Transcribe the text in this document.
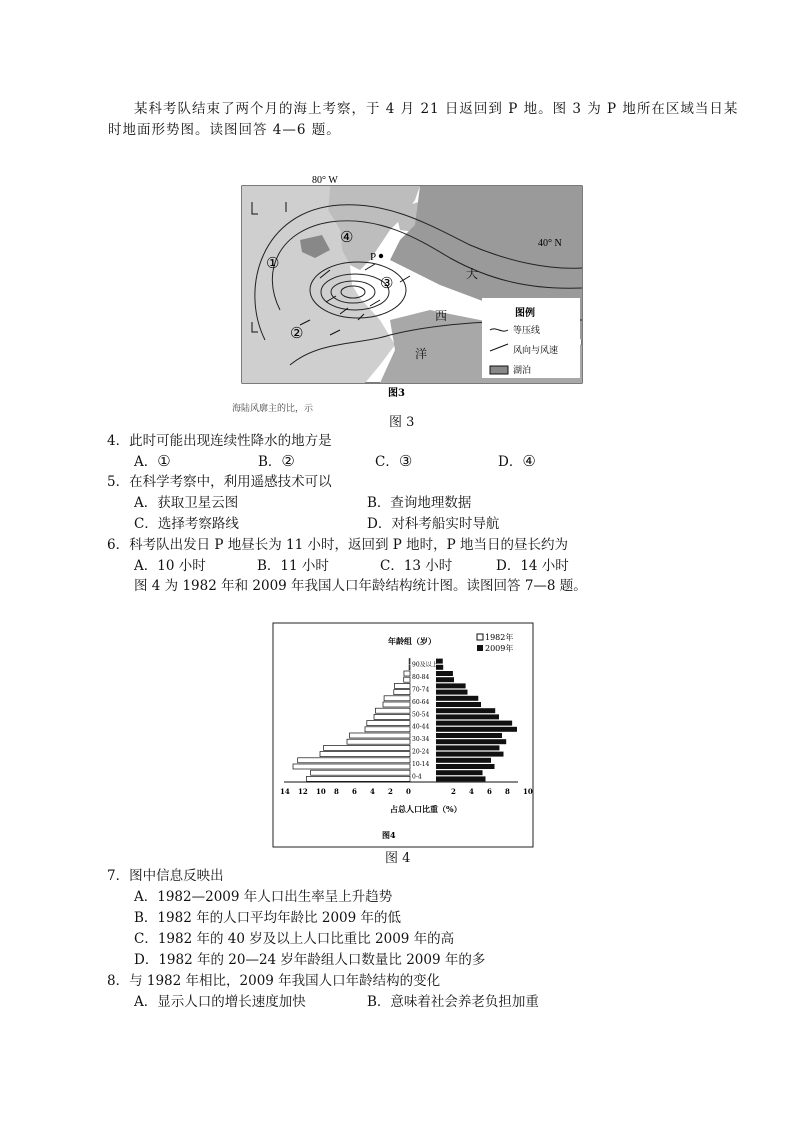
某科考队结束了两个月的海上考察，于 4 月 21 日返回到 P 地。图 3 为 P 地所在区域当日某
时地面形势图。读图回答 4—6 题。
80° W
P
40° N
大
西
洋
①
②
③
④
图例
等压线
风向与风速
湖泊
图3
海陆风廓主的比，示
图 3
4．此时可能出现连续性降水的地方是
A．①	B．②	C．③	D．④
5．在科学考察中，利用遥感技术可以
A．获取卫星云图	B．查询地理数据
C．选择考察路线	D．对科考船实时导航
6．科考队出发日 P 地昼长为 11 小时，返回到 P 地时，P 地当日的昼长约为
A．10 小时	B．11 小时	C．13 小时	D．14 小时
图 4 为 1982 年和 2009 年我国人口年龄结构统计图。读图回答 7—8 题。
年龄组（岁）	1982年
2009年
0-4
10-14
20-24
30-34
40-44
50-54
60-64
70-74
80-84
90及以上
14 12 10 8 6 4 2 0	2 4 6 8 10
占总人口比重（%）
图4
图 4
7．图中信息反映出
A．1982—2009 年人口出生率呈上升趋势
B．1982 年的人口平均年龄比 2009 年的低
C．1982 年的 40 岁及以上人口比重比 2009 年的高
D．1982 年的 20—24 岁年龄组人口数量比 2009 年的多
8．与 1982 年相比，2009 年我国人口年龄结构的变化
A．显示人口的增长速度加快	B．意味着社会养老负担加重
